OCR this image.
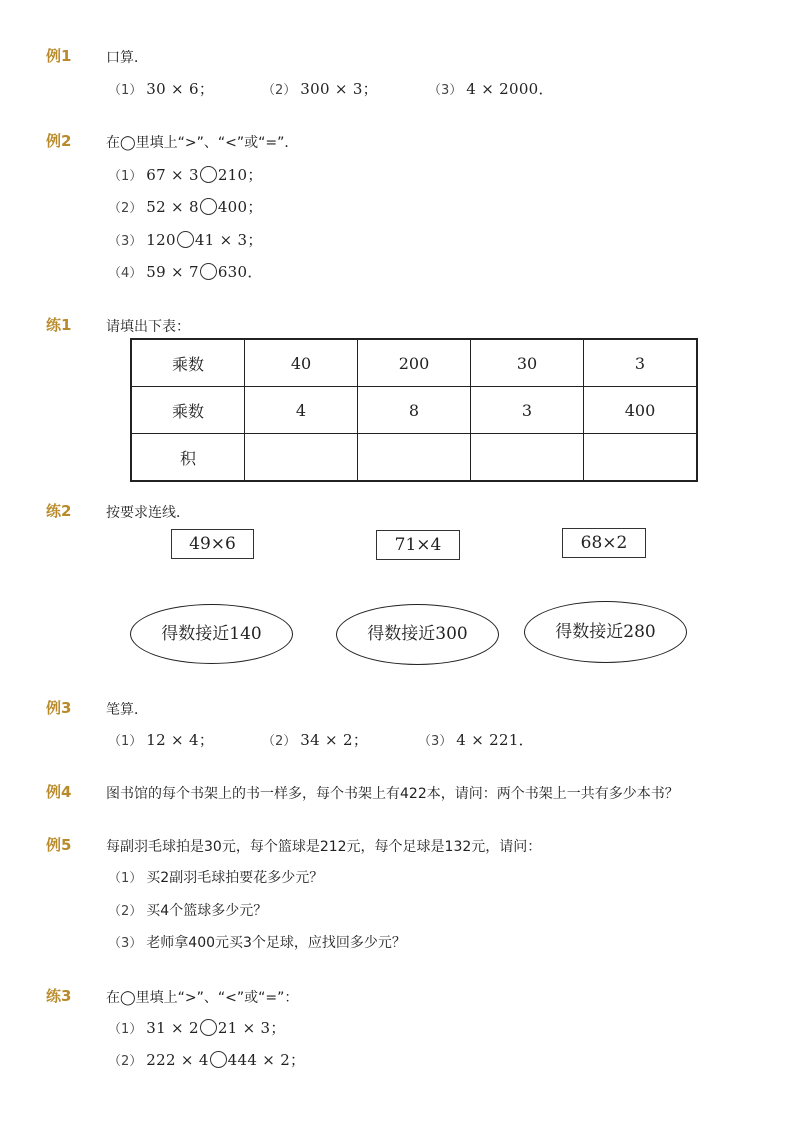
例1 口算．
（1） 30 × 6；	（2） 300 × 3；	（3） 4 × 2000．
例2 在◯里填上“>”、“<”或“=”．
（1） 67 × 3 210；
（2） 52 × 8 400；
（3） 120 41 × 3；
（4） 59 × 7 630．
练1 请填出下表：
乘数	40	200	30	3
乘数	4	8	3	400
积				
练2 按要求连线．
49×6	71×4	68×2
得数接近140	得数接近300	得数接近280
例3 笔算．
（1） 12 × 4；	（2） 34 × 2；	（3） 4 × 221．
例4 图书馆的每个书架上的书一样多，每个书架上有422本，请问：两个书架上一共有多少本书？
例5 每副羽毛球拍是30元，每个篮球是212元，每个足球是132元，请问：
（1） 买2副羽毛球拍要花多少元？
（2） 买4个篮球多少元？
（3） 老师拿400元买3个足球，应找回多少元？
练3 在◯里填上“>”、“<”或“=”：
（1） 31 × 2 21 × 3；
（2） 222 × 4 444 × 2；
